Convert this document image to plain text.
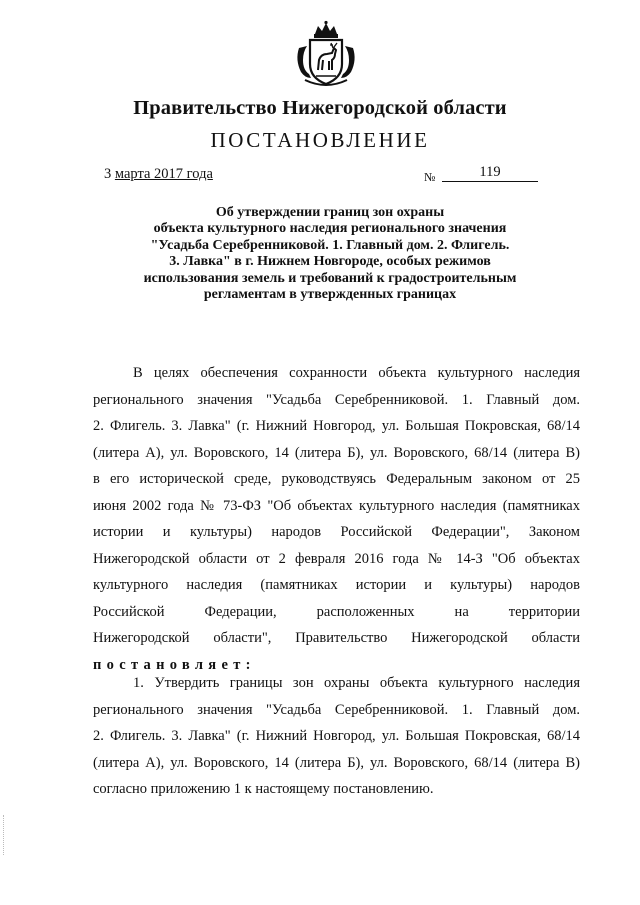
Правительство Нижегородской области
ПОСТАНОВЛЕНИЕ
3 марта 2017 года	№	119
Об утверждении границ зон охраны
объекта культурного наследия регионального значения
"Усадьба Серебренниковой. 1. Главный дом. 2. Флигель.
3. Лавка" в г. Нижнем Новгороде, особых режимов
использования земель и требований к градостроительным
регламентам в утвержденных границах
В целях обеспечения сохранности объекта культурного наследия
регионального значения "Усадьба Серебренниковой. 1. Главный дом.
2. Флигель. 3. Лавка" (г. Нижний Новгород, ул. Большая Покровская, 68/14
(литера А), ул. Воровского, 14 (литера Б), ул. Воровского, 68/14 (литера В)
в его исторической среде, руководствуясь Федеральным законом от 25
июня 2002 года № 73-ФЗ "Об объектах культурного наследия (памятниках
истории и культуры) народов Российской Федерации", Законом
Нижегородской области от 2 февраля 2016 года № 14-З "Об объектах
культурного наследия (памятниках истории и культуры) народов
Российской Федерации, расположенных на территории
Нижегородской области", Правительство Нижегородской области
постановляет:
1. Утвердить границы зон охраны объекта культурного наследия
регионального значения "Усадьба Серебренниковой. 1. Главный дом.
2. Флигель. 3. Лавка" (г. Нижний Новгород, ул. Большая Покровская, 68/14
(литера А), ул. Воровского, 14 (литера Б), ул. Воровского, 68/14 (литера В)
согласно приложению 1 к настоящему постановлению.
